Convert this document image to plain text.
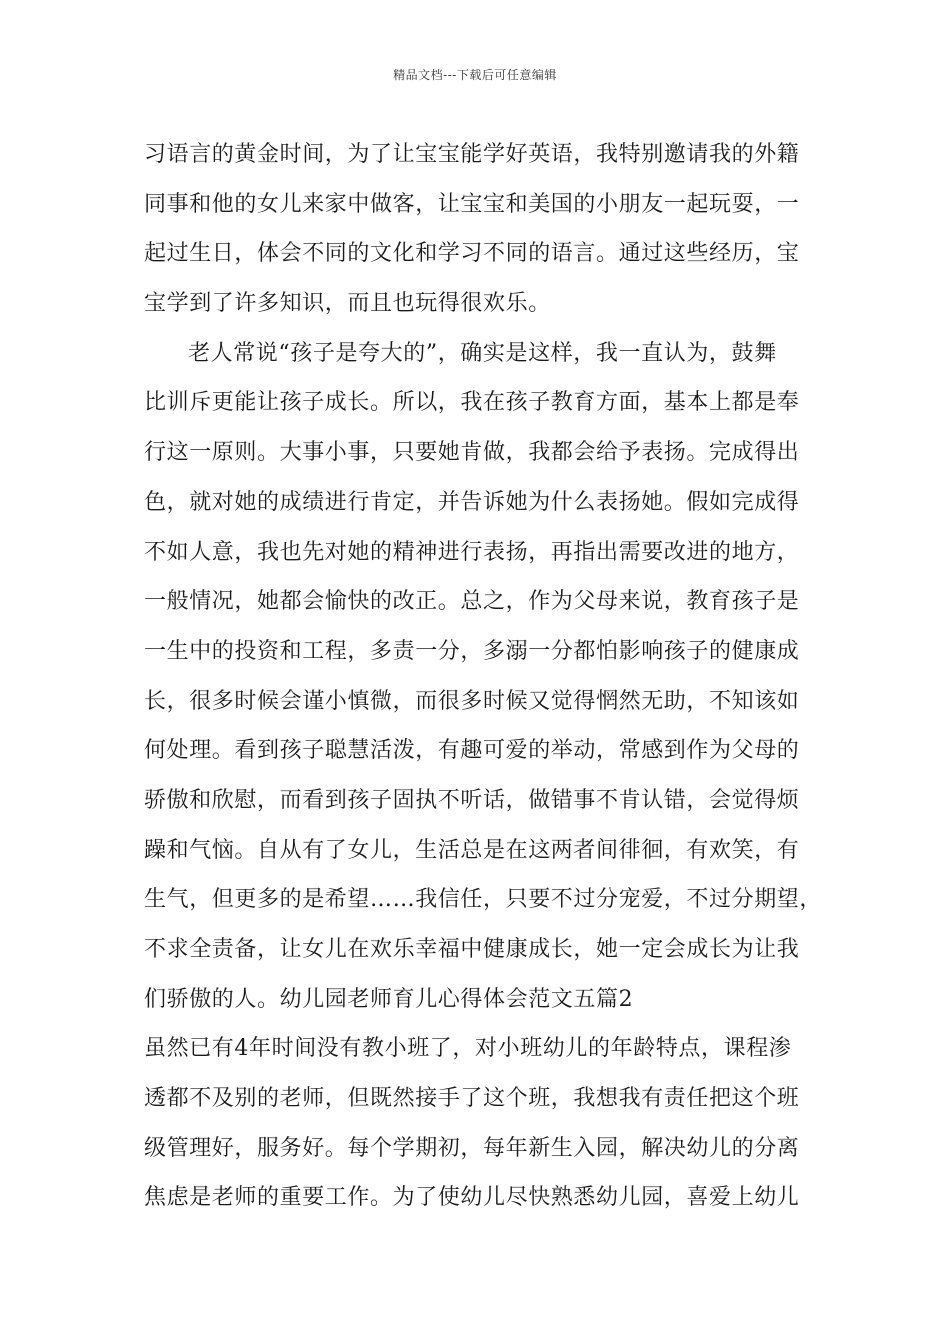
精品文档---下载后可任意编辑
习语言的黄金时间，为了让宝宝能学好英语，我特别邀请我的外籍
同事和他的女儿来家中做客，让宝宝和美国的小朋友一起玩耍，一
起过生日，体会不同的文化和学习不同的语言。通过这些经历，宝
宝学到了许多知识，而且也玩得很欢乐。
老人常说“孩子是夸大的”，确实是这样，我一直认为，鼓舞
比训斥更能让孩子成长。所以，我在孩子教育方面，基本上都是奉
行这一原则。大事小事，只要她肯做，我都会给予表扬。完成得出
色，就对她的成绩进行肯定，并告诉她为什么表扬她。假如完成得
不如人意，我也先对她的精神进行表扬，再指出需要改进的地方，
一般情况，她都会愉快的改正。总之，作为父母来说，教育孩子是
一生中的投资和工程，多责一分，多溺一分都怕影响孩子的健康成
长，很多时候会谨小慎微，而很多时候又觉得惘然无助，不知该如
何处理。看到孩子聪慧活泼，有趣可爱的举动，常感到作为父母的
骄傲和欣慰，而看到孩子固执不听话，做错事不肯认错，会觉得烦
躁和气恼。自从有了女儿，生活总是在这两者间徘徊，有欢笑，有
生气，但更多的是希望……我信任，只要不过分宠爱，不过分期望，
不求全责备，让女儿在欢乐幸福中健康成长，她一定会成长为让我
们骄傲的人。幼儿园老师育儿心得体会范文五篇2
虽然已有4年时间没有教小班了，对小班幼儿的年龄特点，课程渗
透都不及别的老师，但既然接手了这个班，我想我有责任把这个班
级管理好，服务好。每个学期初，每年新生入园，解决幼儿的分离
焦虑是老师的重要工作。为了使幼儿尽快熟悉幼儿园，喜爱上幼儿
